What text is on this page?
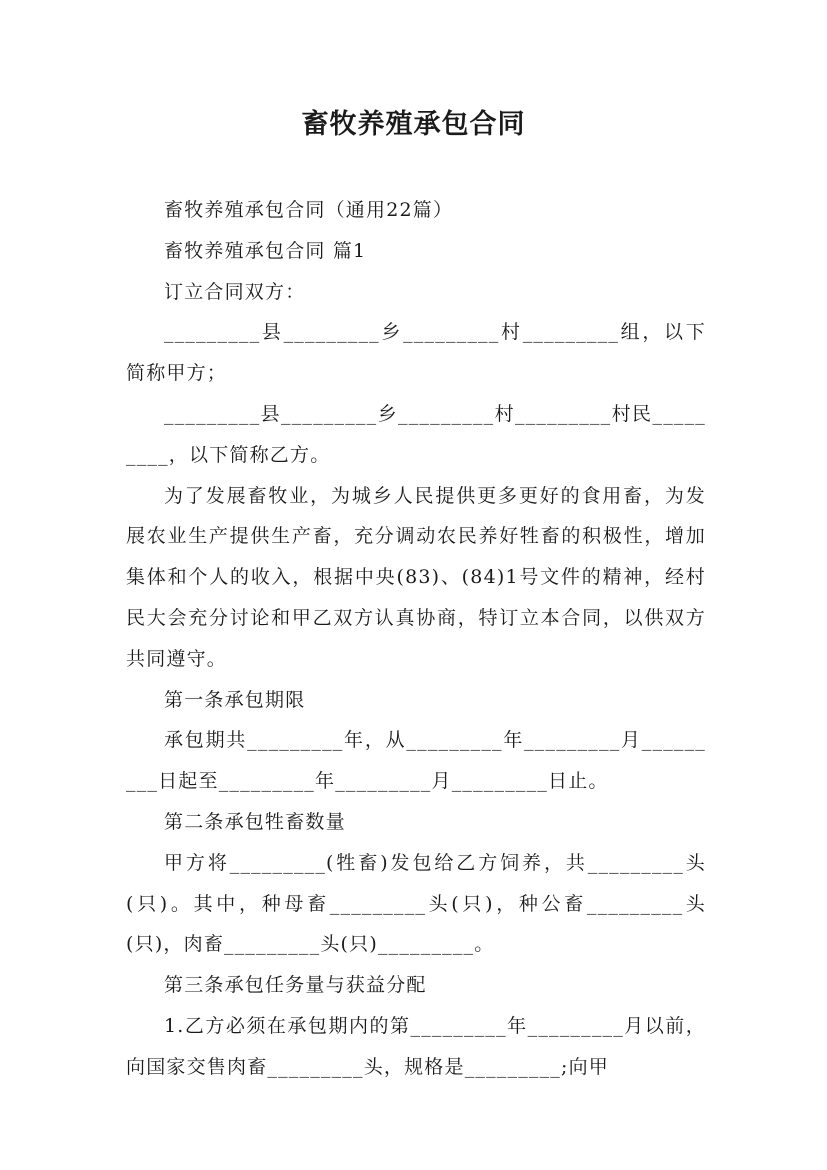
畜牧养殖承包合同

畜牧养殖承包合同（通用22篇）

畜牧养殖承包合同 篇1

订立合同双方：

_________县_________乡_________村_________组，以下简称甲方；

_________县_________乡_________村_________村民_________，以下简称乙方。

为了发展畜牧业，为城乡人民提供更多更好的食用畜，为发展农业生产提供生产畜，充分调动农民养好牲畜的积极性，增加集体和个人的收入，根据中央(83)、(84)1号文件的精神，经村民大会充分讨论和甲乙双方认真协商，特订立本合同，以供双方共同遵守。

第一条承包期限

承包期共_________年，从_________年_________月_________日起至_________年_________月_________日止。

第二条承包牲畜数量

甲方将_________(牲畜)发包给乙方饲养，共_________头(只)。其中，种母畜_________头(只)，种公畜_________头(只)，肉畜_________头(只)_________。

第三条承包任务量与获益分配

1.乙方必须在承包期内的第_________年_________月以前，向国家交售肉畜_________头，规格是_________;向甲
